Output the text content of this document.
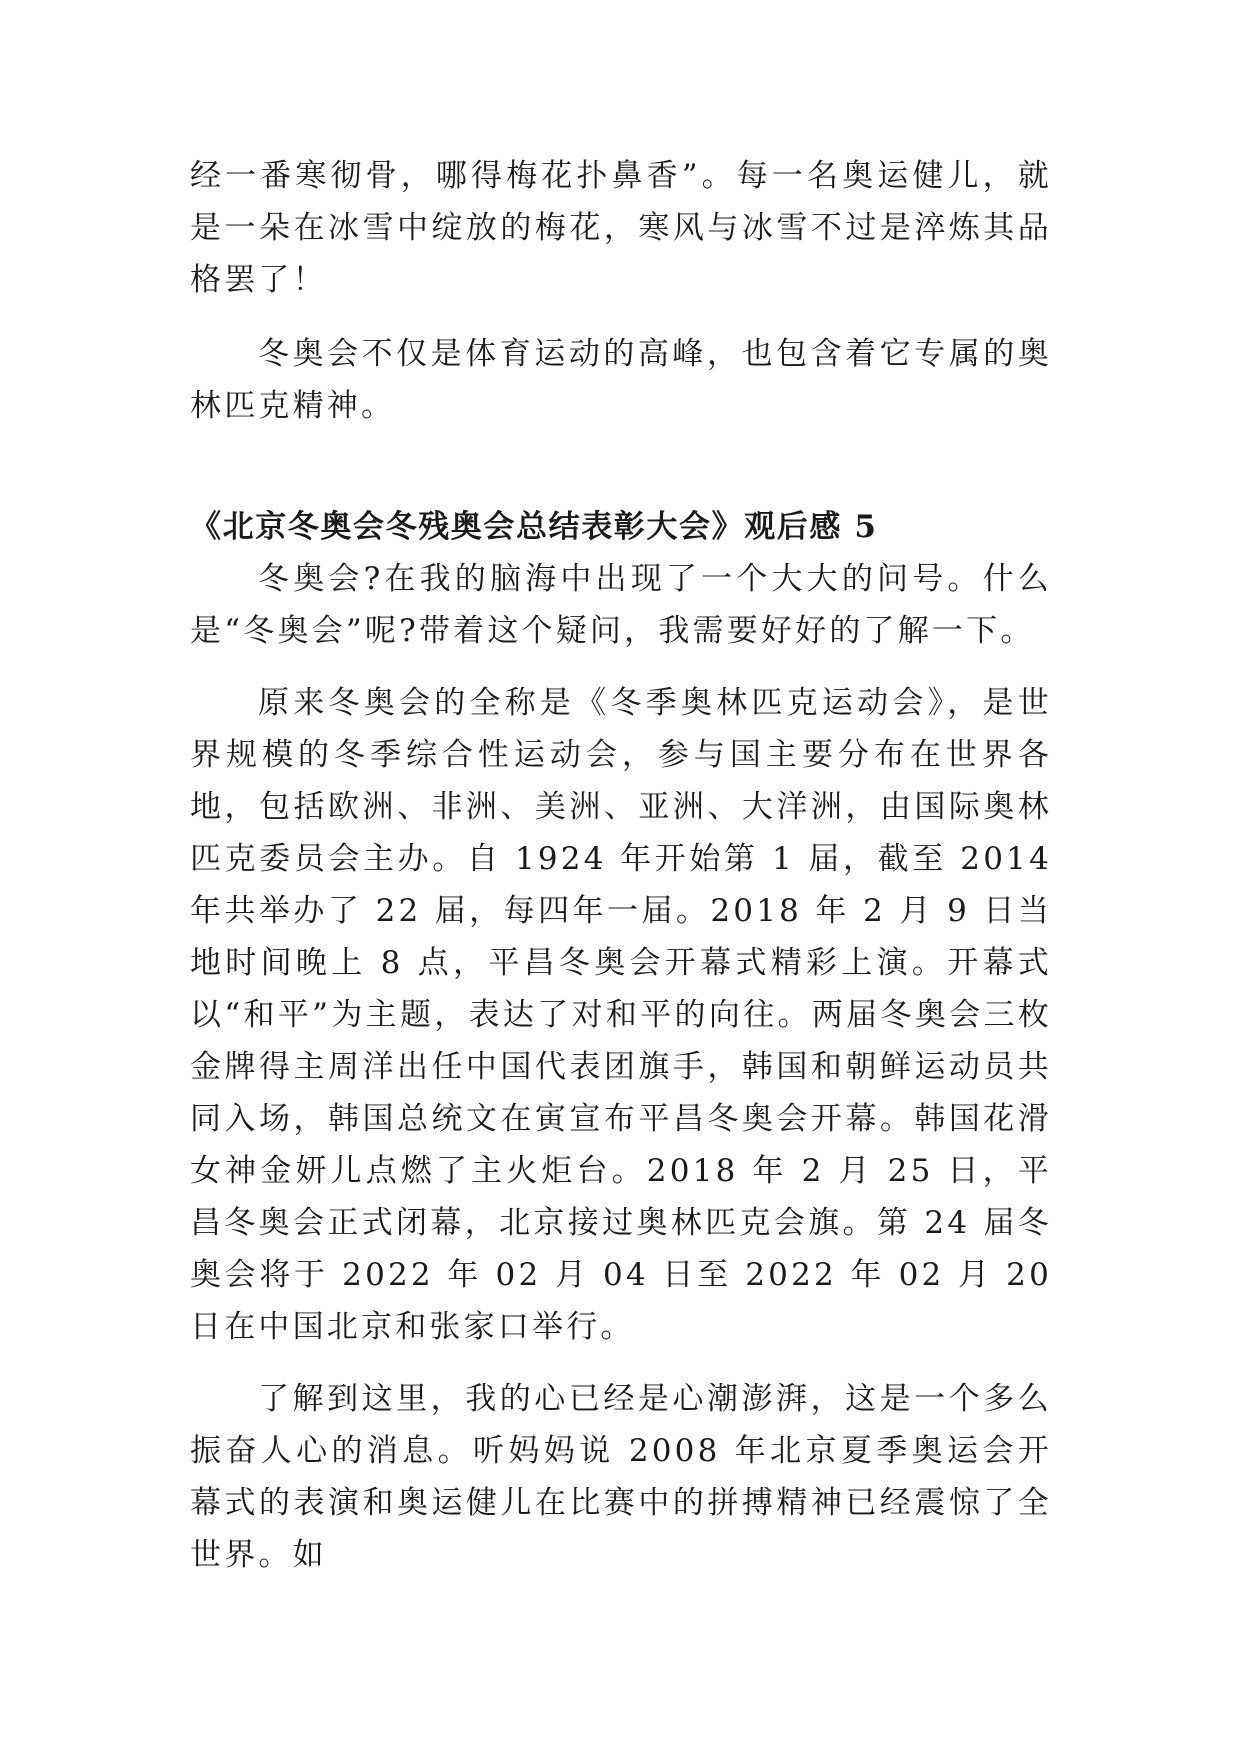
经一番寒彻骨，哪得梅花扑鼻香”。每一名奥运健儿，就是一朵在冰雪中绽放的梅花，寒风与冰雪不过是淬炼其品格罢了！

冬奥会不仅是体育运动的高峰，也包含着它专属的奥林匹克精神。

《北京冬奥会冬残奥会总结表彰大会》观后感 5

冬奥会?在我的脑海中出现了一个大大的问号。什么是“冬奥会”呢?带着这个疑问，我需要好好的了解一下。

原来冬奥会的全称是《冬季奥林匹克运动会》，是世界规模的冬季综合性运动会，参与国主要分布在世界各地，包括欧洲、非洲、美洲、亚洲、大洋洲，由国际奥林匹克委员会主办。自 1924 年开始第 1 届，截至 2014 年共举办了 22 届，每四年一届。2018 年 2 月 9 日当地时间晚上 8 点，平昌冬奥会开幕式精彩上演。开幕式以“和平”为主题，表达了对和平的向往。两届冬奥会三枚金牌得主周洋出任中国代表团旗手，韩国和朝鲜运动员共同入场，韩国总统文在寅宣布平昌冬奥会开幕。韩国花滑女神金妍儿点燃了主火炬台。2018 年 2 月 25 日，平昌冬奥会正式闭幕，北京接过奥林匹克会旗。第 24 届冬奥会将于 2022 年 02 月 04 日至 2022 年 02 月 20 日在中国北京和张家口举行。

了解到这里，我的心已经是心潮澎湃，这是一个多么振奋人心的消息。听妈妈说 2008 年北京夏季奥运会开幕式的表演和奥运健儿在比赛中的拼搏精神已经震惊了全世界。如
